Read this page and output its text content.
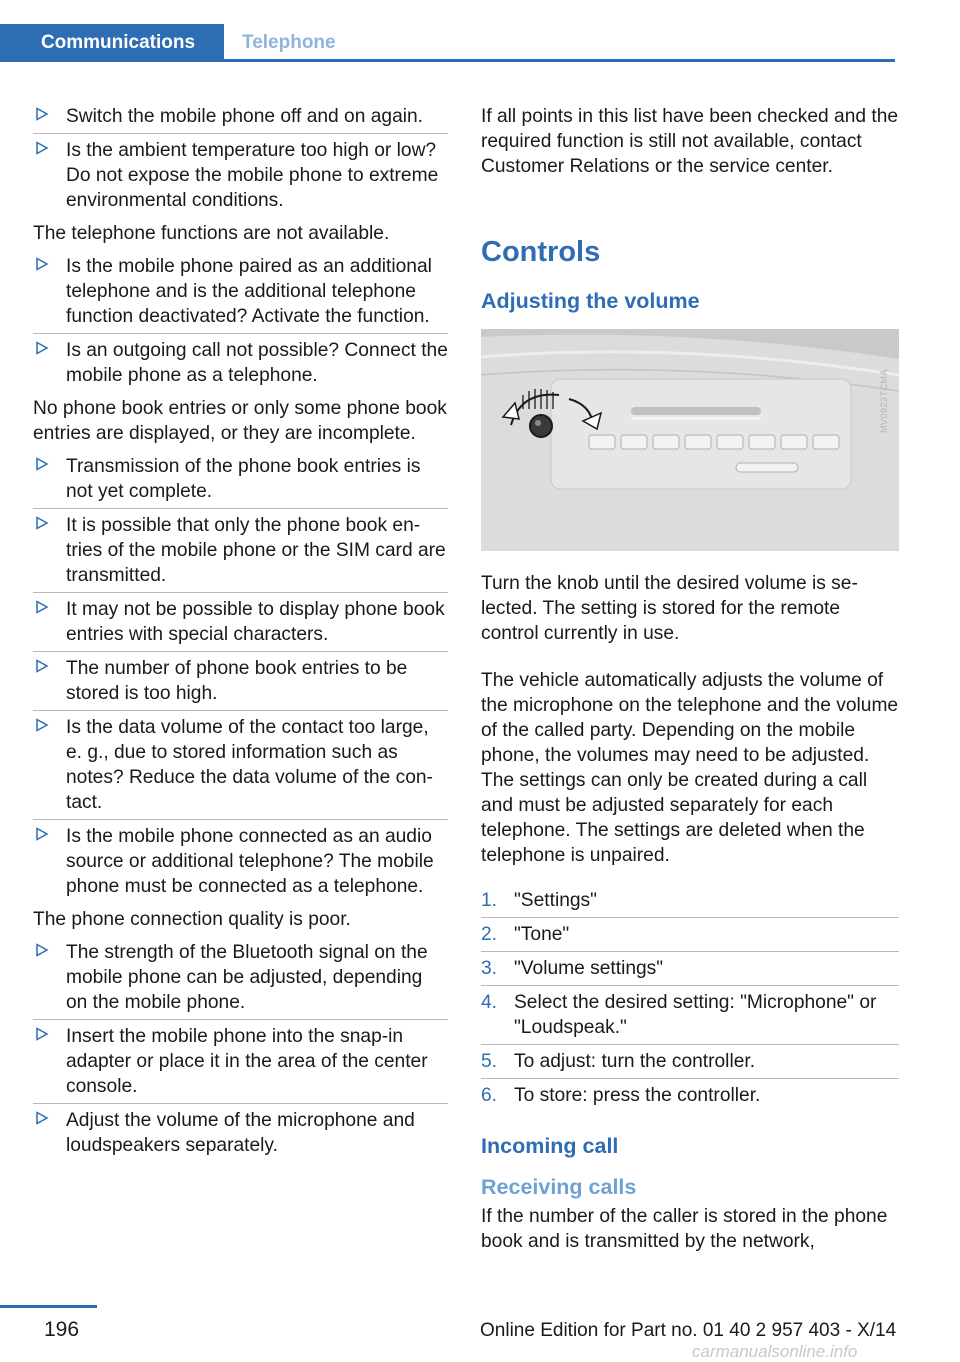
Communications	Telephone
Switch the mobile phone off and on again.
Is the ambient temperature too high or low? Do not expose the mobile phone to extreme environmental conditions.

The telephone functions are not available.

Is the mobile phone paired as an additional telephone and is the additional telephone function deactivated? Activate the function.
Is an outgoing call not possible? Connect the mobile phone as a telephone.

No phone book entries or only some phone book entries are displayed, or they are incomplete.

Transmission of the phone book entries is not yet complete.
It is possible that only the phone book entries of the mobile phone or the SIM card are transmitted.
It may not be possible to display phone book entries with special characters.
The number of phone book entries to be stored is too high.
Is the data volume of the contact too large, e. g., due to stored information such as notes? Reduce the data volume of the contact.
Is the mobile phone connected as an audio source or additional telephone? The mobile phone must be connected as a telephone.

The phone connection quality is poor.

The strength of the Bluetooth signal on the mobile phone can be adjusted, depending on the mobile phone.
Insert the mobile phone into the snap-in adapter or place it in the area of the center console.
Adjust the volume of the microphone and loudspeakers separately.

If all points in this list have been checked and the required function is still not available, contact Customer Relations or the service center.

Controls
Adjusting the volume
MV0923TCMA

Turn the knob until the desired volume is selected. The setting is stored for the remote control currently in use.

The vehicle automatically adjusts the volume of the microphone on the telephone and the volume of the called party. Depending on the mobile phone, the volumes may need to be adjusted. The settings can only be created during a call and must be adjusted separately for each telephone. The settings are deleted when the telephone is unpaired.

1. "Settings"
2. "Tone"
3. "Volume settings"
4. Select the desired setting: "Microphone" or "Loudspeak."
5. To adjust: turn the controller.
6. To store: press the controller.
Incoming call
Receiving calls

If the number of the caller is stored in the phone book and is transmitted by the network,

196	Online Edition for Part no. 01 40 2 957 403 - X/14
carmanualsonline.info
